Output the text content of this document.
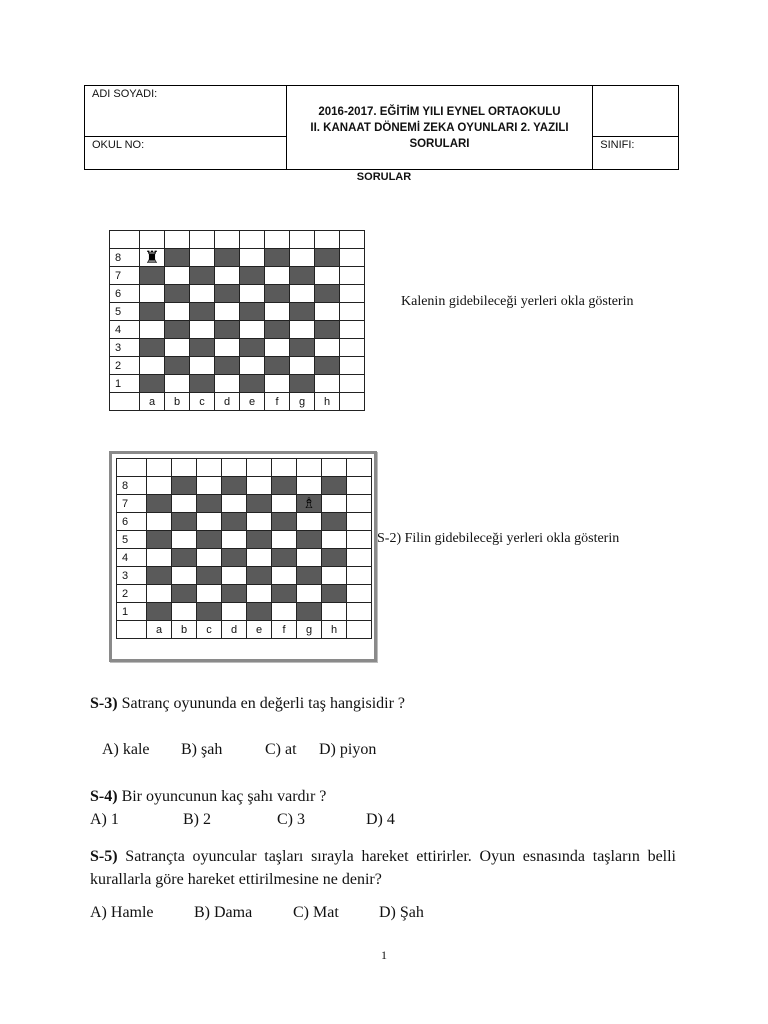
ADI SOYADI:	2016-2017. EĞİTİM YILI EYNEL ORTAOKULU
II. KANAAT DÖNEMİ ZEKA OYUNLARI 2. YAZILI
SORULARI	
OKUL NO:		SINIFI:
SORULAR

8	♜								
7									
6									
5									
4									
3									
2									
1									
	a	b	c	d	e	f	g	h	
Kalenin gidebileceği yerleri okla gösterin

8									
7							♗		
6									
5									
4									
3									
2									
1									
	a	b	c	d	e	f	g	h	
S-2) Filin gidebileceği yerleri okla gösterin
S-3) Satranç oyununda en değerli taş hangisidir ?
A) kale B) şah	C) at D) piyon
S-4) Bir oyuncunun kaç şahı vardır ?
A) 1	B) 2	C) 3	D) 4
S-5) Satrançta oyuncular taşları sırayla hareket ettirirler. Oyun esnasında taşların belli kurallarla göre hareket ettirilmesine ne denir?
A) Hamle	B) Dama	C) Mat	D) Şah
1
